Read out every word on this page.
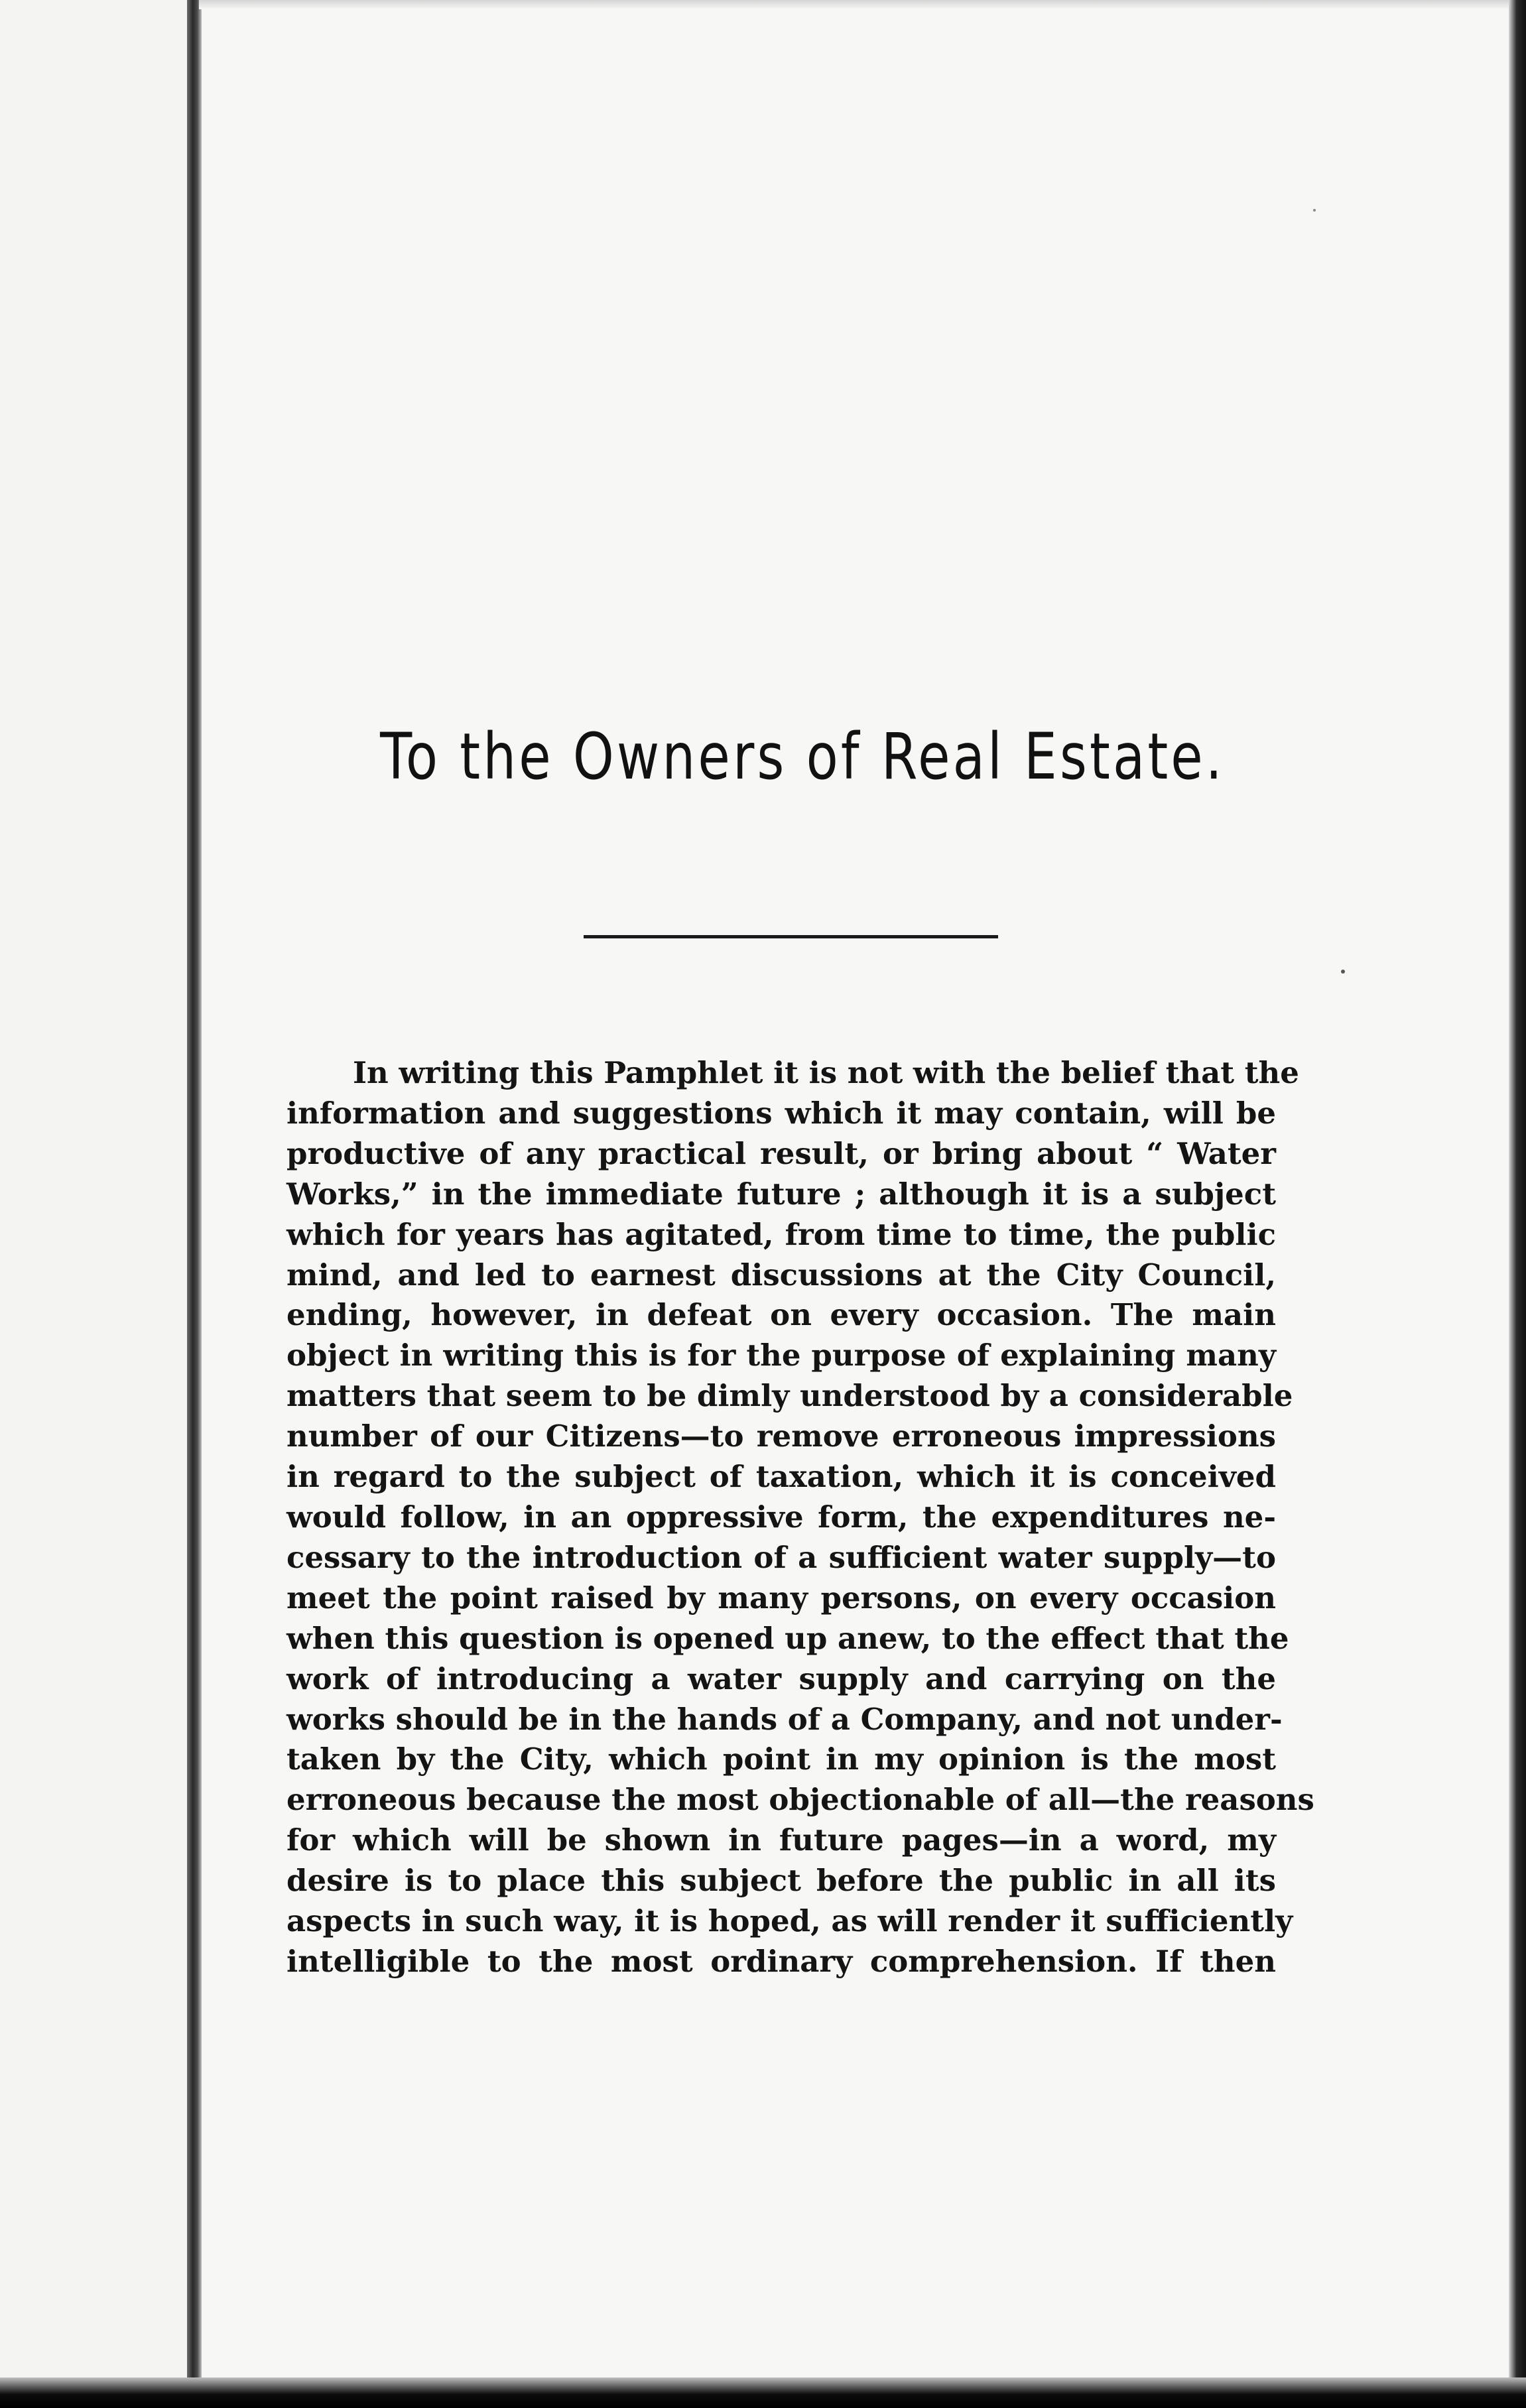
To the Owners of Real Estate.
In writing this Pamphlet it is not with the belief that the
information and suggestions which it may contain, will be
productive of any practical result, or bring about “ Water
Works,” in the immediate future ; although it is a subject
which for years has agitated, from time to time, the public
mind, and led to earnest discussions at the City Council,
ending, however, in defeat on every occasion. The main
object in writing this is for the purpose of explaining many
matters that seem to be dimly understood by a considerable
number of our Citizens—to remove erroneous impressions
in regard to the subject of taxation, which it is conceived
would follow, in an oppressive form, the expenditures ne-
cessary to the introduction of a sufficient water supply—to
meet the point raised by many persons, on every occasion
when this question is opened up anew, to the effect that the
work of introducing a water supply and carrying on the
works should be in the hands of a Company, and not under-
taken by the City, which point in my opinion is the most
erroneous because the most objectionable of all—the reasons
for which will be shown in future pages—in a word, my
desire is to place this subject before the public in all its
aspects in such way, it is hoped, as will render it sufficiently
intelligible to the most ordinary comprehension. If then
